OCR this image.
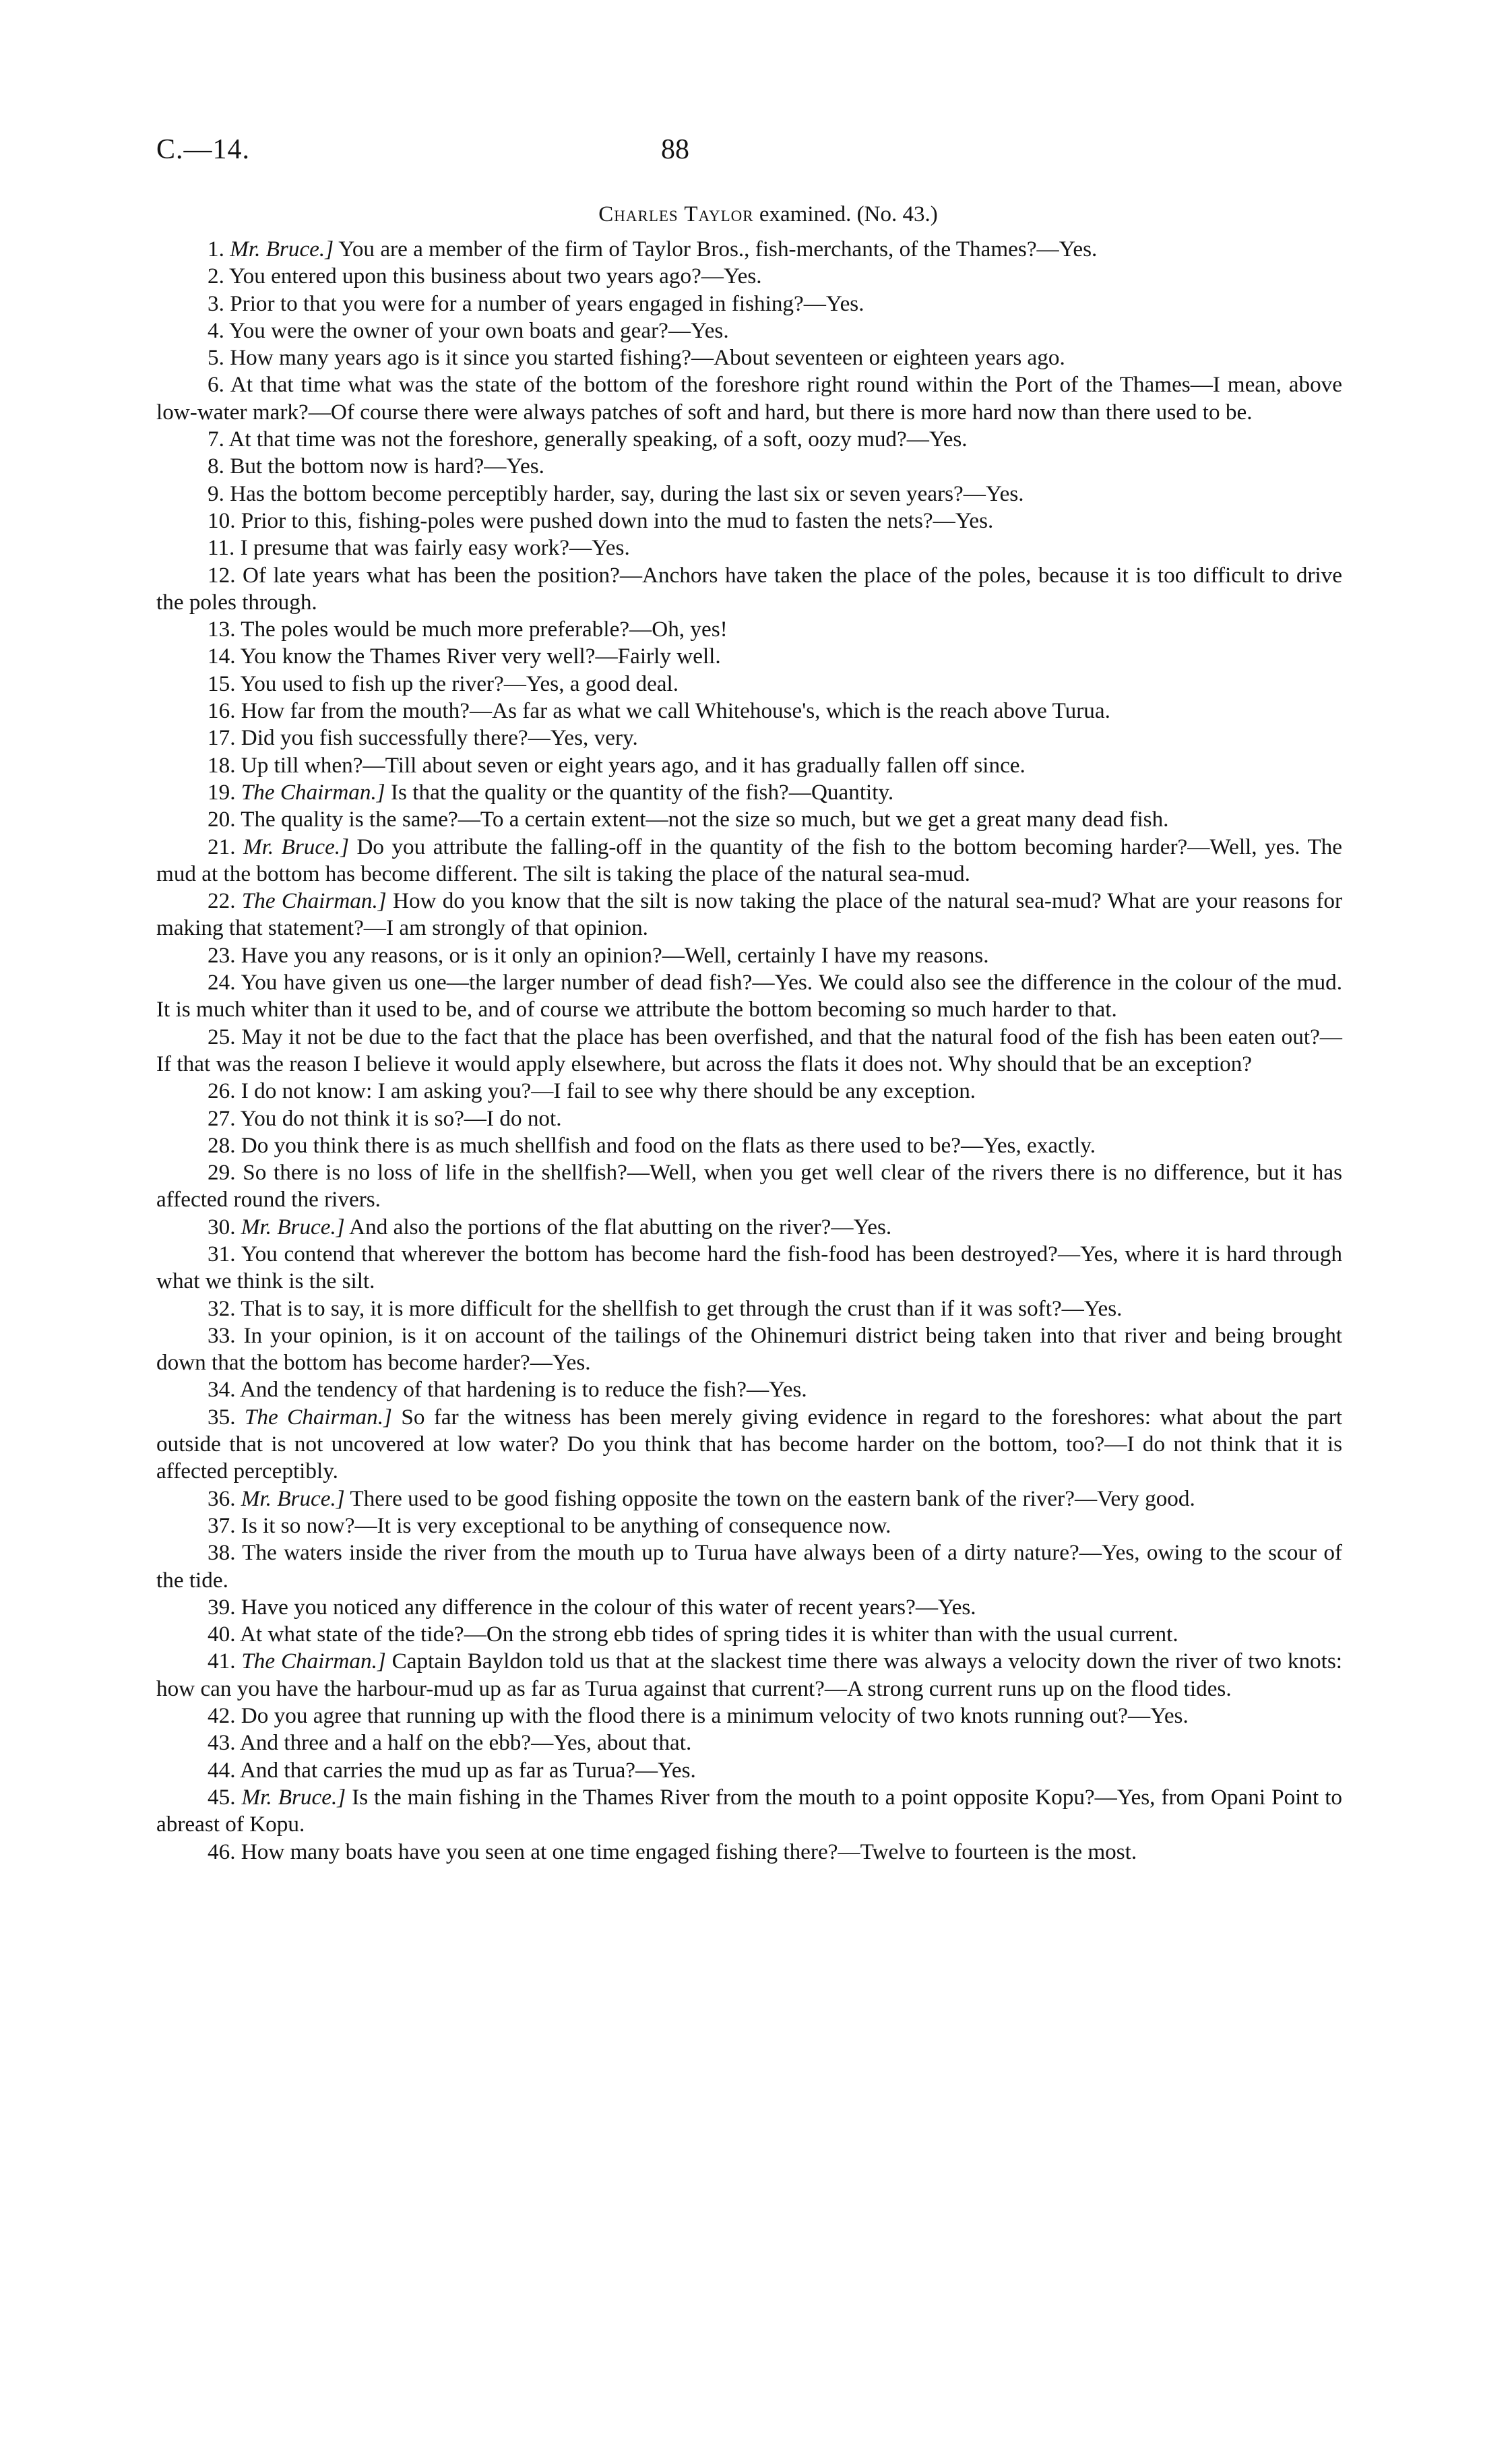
C.—14.	88
Charles Taylor examined. (No. 43.)

1. Mr. Bruce.] You are a member of the firm of Taylor Bros., fish-merchants, of the Thames?—Yes.

2. You entered upon this business about two years ago?—Yes.

3. Prior to that you were for a number of years engaged in fishing?—Yes.

4. You were the owner of your own boats and gear?—Yes.

5. How many years ago is it since you started fishing?—About seventeen or eighteen years ago.

6. At that time what was the state of the bottom of the foreshore right round within the Port of the Thames—I mean, above low-water mark?—Of course there were always patches of soft and hard, but there is more hard now than there used to be.

7. At that time was not the foreshore, generally speaking, of a soft, oozy mud?—Yes.

8. But the bottom now is hard?—Yes.

9. Has the bottom become perceptibly harder, say, during the last six or seven years?—Yes.

10. Prior to this, fishing-poles were pushed down into the mud to fasten the nets?—Yes.

11. I presume that was fairly easy work?—Yes.

12. Of late years what has been the position?—Anchors have taken the place of the poles, because it is too difficult to drive the poles through.

13. The poles would be much more preferable?—Oh, yes!

14. You know the Thames River very well?—Fairly well.

15. You used to fish up the river?—Yes, a good deal.

16. How far from the mouth?—As far as what we call Whitehouse's, which is the reach above Turua.

17. Did you fish successfully there?—Yes, very.

18. Up till when?—Till about seven or eight years ago, and it has gradually fallen off since.

19. The Chairman.] Is that the quality or the quantity of the fish?—Quantity.

20. The quality is the same?—To a certain extent—not the size so much, but we get a great many dead fish.

21. Mr. Bruce.] Do you attribute the falling-off in the quantity of the fish to the bottom becoming harder?—Well, yes. The mud at the bottom has become different. The silt is taking the place of the natural sea-mud.

22. The Chairman.] How do you know that the silt is now taking the place of the natural sea-mud? What are your reasons for making that statement?—I am strongly of that opinion.

23. Have you any reasons, or is it only an opinion?—Well, certainly I have my reasons.

24. You have given us one—the larger number of dead fish?—Yes. We could also see the difference in the colour of the mud. It is much whiter than it used to be, and of course we attribute the bottom becoming so much harder to that.

25. May it not be due to the fact that the place has been overfished, and that the natural food of the fish has been eaten out?—If that was the reason I believe it would apply elsewhere, but across the flats it does not. Why should that be an exception?

26. I do not know: I am asking you?—I fail to see why there should be any exception.

27. You do not think it is so?—I do not.

28. Do you think there is as much shellfish and food on the flats as there used to be?—Yes, exactly.

29. So there is no loss of life in the shellfish?—Well, when you get well clear of the rivers there is no difference, but it has affected round the rivers.

30. Mr. Bruce.] And also the portions of the flat abutting on the river?—Yes.

31. You contend that wherever the bottom has become hard the fish-food has been destroyed?—Yes, where it is hard through what we think is the silt.

32. That is to say, it is more difficult for the shellfish to get through the crust than if it was soft?—Yes.

33. In your opinion, is it on account of the tailings of the Ohinemuri district being taken into that river and being brought down that the bottom has become harder?—Yes.

34. And the tendency of that hardening is to reduce the fish?—Yes.

35. The Chairman.] So far the witness has been merely giving evidence in regard to the foreshores: what about the part outside that is not uncovered at low water? Do you think that has become harder on the bottom, too?—I do not think that it is affected perceptibly.

36. Mr. Bruce.] There used to be good fishing opposite the town on the eastern bank of the river?—Very good.

37. Is it so now?—It is very exceptional to be anything of consequence now.

38. The waters inside the river from the mouth up to Turua have always been of a dirty nature?—Yes, owing to the scour of the tide.

39. Have you noticed any difference in the colour of this water of recent years?—Yes.

40. At what state of the tide?—On the strong ebb tides of spring tides it is whiter than with the usual current.

41. The Chairman.] Captain Bayldon told us that at the slackest time there was always a velocity down the river of two knots: how can you have the harbour-mud up as far as Turua against that current?—A strong current runs up on the flood tides.

42. Do you agree that running up with the flood there is a minimum velocity of two knots running out?—Yes.

43. And three and a half on the ebb?—Yes, about that.

44. And that carries the mud up as far as Turua?—Yes.

45. Mr. Bruce.] Is the main fishing in the Thames River from the mouth to a point opposite Kopu?—Yes, from Opani Point to abreast of Kopu.

46. How many boats have you seen at one time engaged fishing there?—Twelve to fourteen is the most.
